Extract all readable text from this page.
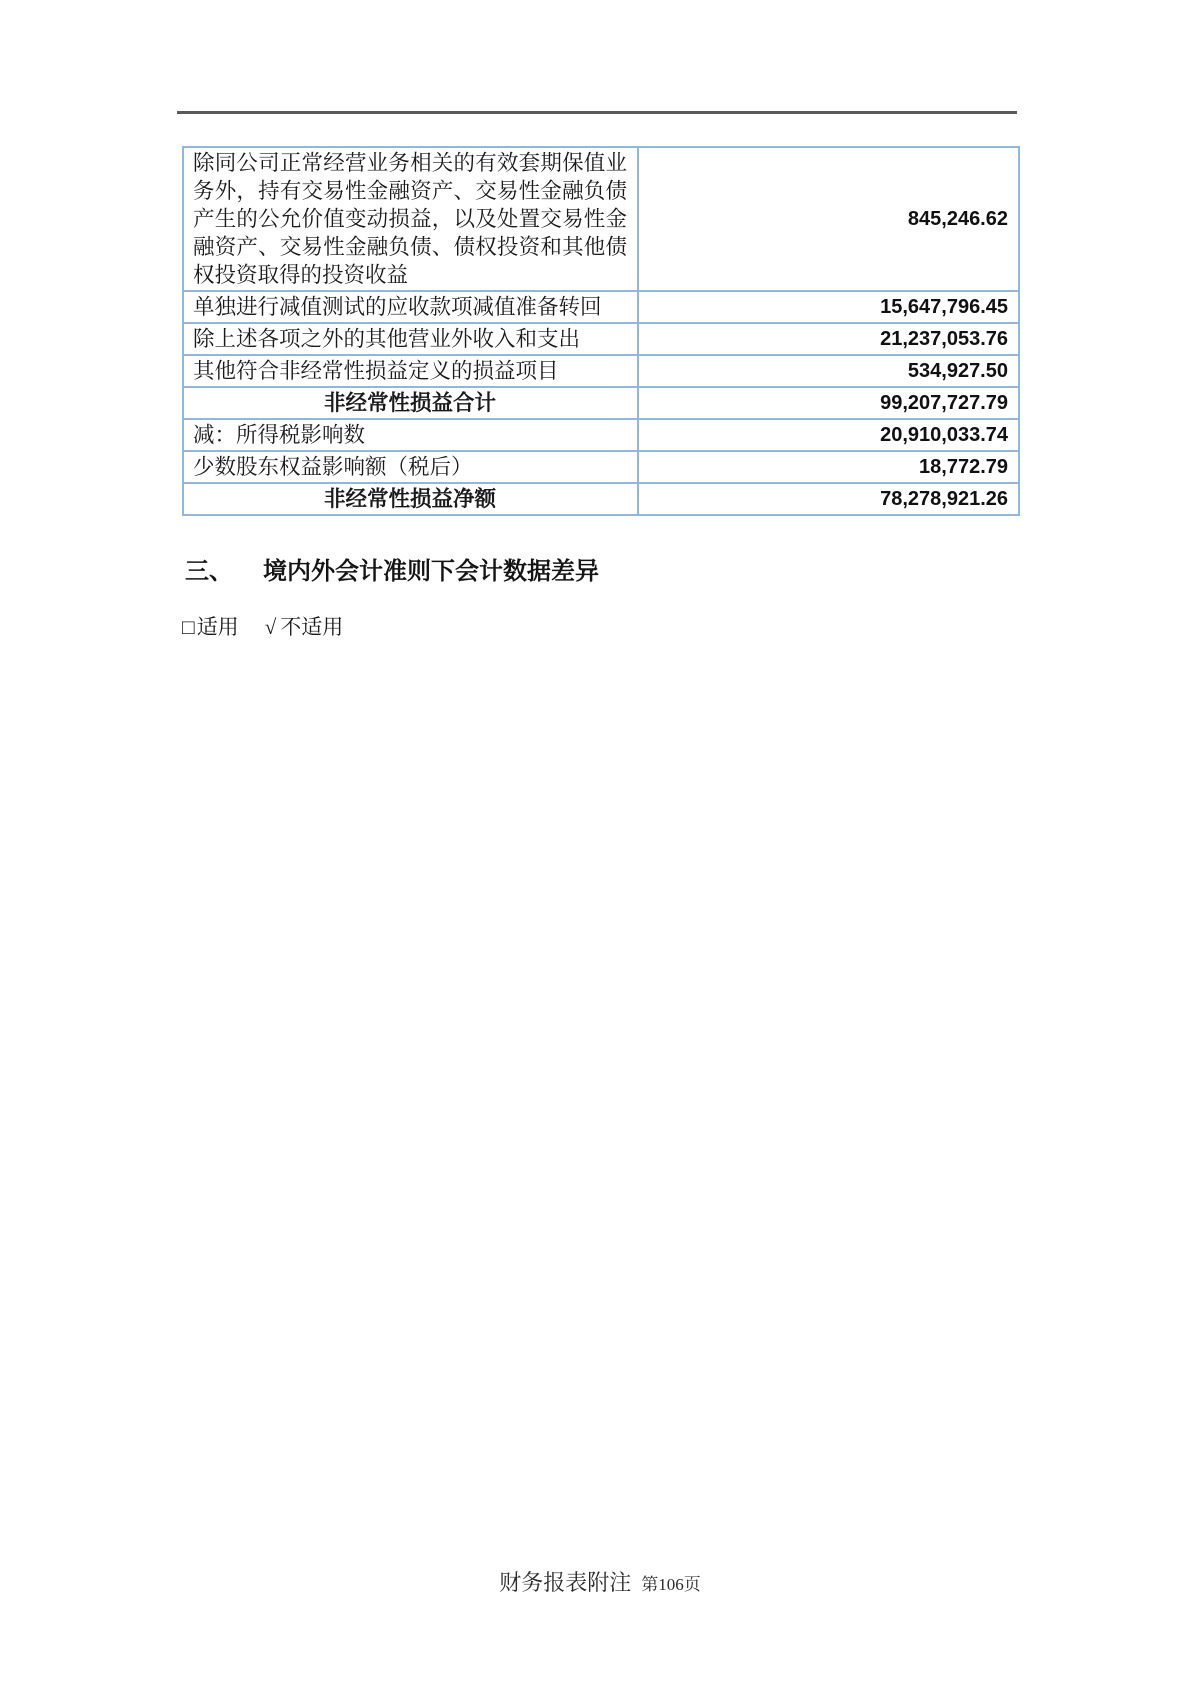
除同公司正常经营业务相关的有效套期保值业务外，持有交易性金融资产、交易性金融负债产生的公允价值变动损益，以及处置交易性金融资产、交易性金融负债、债权投资和其他债权投资取得的投资收益	845,246.62
单独进行减值测试的应收款项减值准备转回	15,647,796.45
除上述各项之外的其他营业外收入和支出	21,237,053.76
其他符合非经常性损益定义的损益项目	534,927.50
非经常性损益合计	99,207,727.79
减：所得税影响数	20,910,033.74
少数股东权益影响额（税后）	18,772.79
非经常性损益净额	78,278,921.26
三、 境内外会计准则下会计数据差异
□适用 √ 不适用
财务报表附注 第106页
